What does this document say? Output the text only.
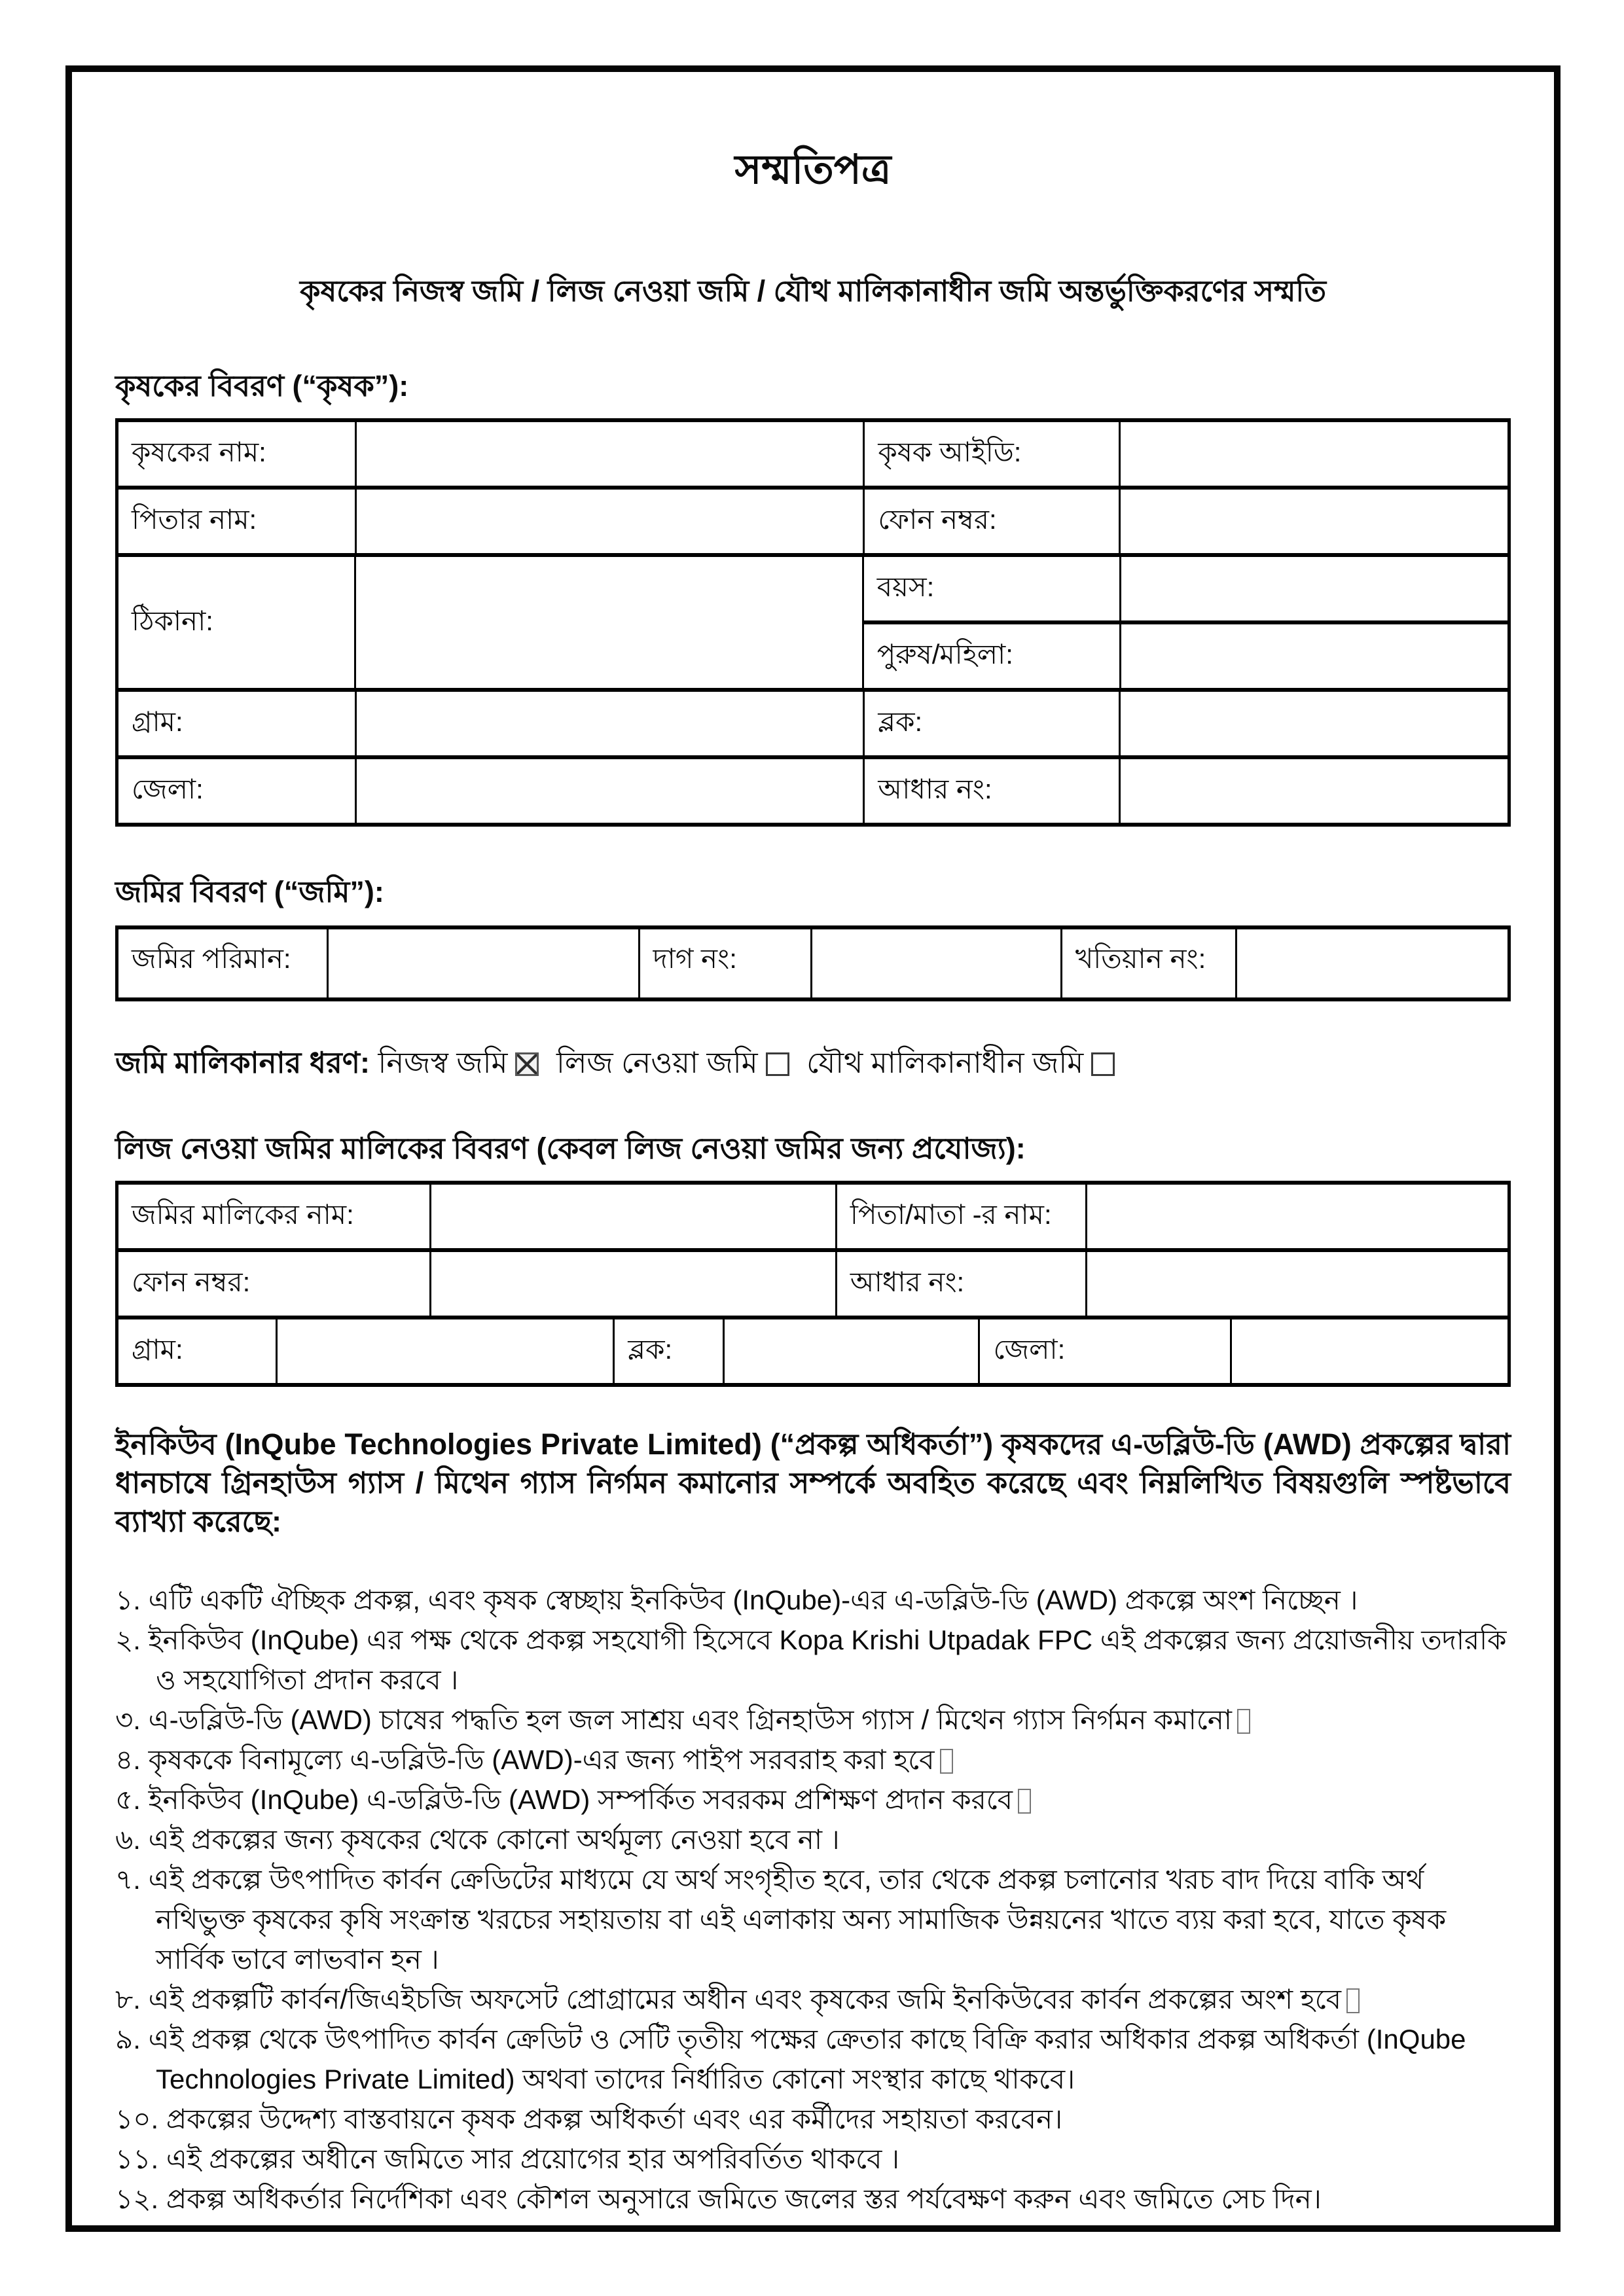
সম্মতিপত্র
কৃষকের নিজস্ব জমি / লিজ নেওয়া জমি / যৌথ মালিকানাধীন জমি অন্তর্ভুক্তিকরণের সম্মতি
কৃষকের বিবরণ (“কৃষক”):
কৃষকের নাম:	কৃষক আইডি:
পিতার নাম:	ফোন নম্বর:
ঠিকানা:
বয়স:
পুরুষ/মহিলা:
গ্রাম:	ব্লক:
জেলা:	আধার নং:
জমির বিবরণ (“জমি”):
জমির পরিমান:	দাগ নং:	খতিয়ান নং:
জমি মালিকানার ধরণ: নিজস্ব জমি লিজ নেওয়া জমি যৌথ মালিকানাধীন জমি
লিজ নেওয়া জমির মালিকের বিবরণ (কেবল লিজ নেওয়া জমির জন্য প্রযোজ্য):
জমির মালিকের নাম:	পিতা/মাতা -র নাম:
ফোন নম্বর:	আধার নং:
গ্রাম:	ব্লক:	জেলা:
ইনকিউব (InQube Technologies Private Limited) (“প্রকল্প অধিকর্তা”) কৃষকদের এ-ডব্লিউ-ডি (AWD) প্রকল্পের দ্বারা ধানচাষে গ্রিনহাউস গ্যাস / মিথেন গ্যাস নির্গমন কমানোর সম্পর্কে অবহিত করেছে এবং নিম্নলিখিত বিষয়গুলি স্পষ্টভাবে ব্যাখ্যা করেছে:
১. এটি একটি ঐচ্ছিক প্রকল্প, এবং কৃষক স্বেচ্ছায় ইনকিউব (InQube)-এর এ-ডব্লিউ-ডি (AWD) প্রকল্পে অংশ নিচ্ছেন ।
২. ইনকিউব (InQube) এর পক্ষ থেকে প্রকল্প সহযোগী হিসেবে Kopa Krishi Utpadak FPC এই প্রকল্পের জন্য প্রয়োজনীয় তদারকি ও সহযোগিতা প্রদান করবে ।
৩. এ-ডব্লিউ-ডি (AWD) চাষের পদ্ধতি হল জল সাশ্রয় এবং গ্রিনহাউস গ্যাস / মিথেন গ্যাস নির্গমন কমানো
৪. কৃষককে বিনামূল্যে এ-ডব্লিউ-ডি (AWD)-এর জন্য পাইপ সরবরাহ করা হবে
৫. ইনকিউব (InQube) এ-ডব্লিউ-ডি (AWD) সম্পর্কিত সবরকম প্রশিক্ষণ প্রদান করবে
৬. এই প্রকল্পের জন্য কৃষকের থেকে কোনো অর্থমূল্য নেওয়া হবে না ।
৭. এই প্রকল্পে উৎপাদিত কার্বন ক্রেডিটের মাধ্যমে যে অর্থ সংগৃহীত হবে, তার থেকে প্রকল্প চলানোর খরচ বাদ দিয়ে বাকি অর্থ নথিভুক্ত কৃষকের কৃষি সংক্রান্ত খরচের সহায়তায় বা এই এলাকায় অন্য সামাজিক উন্নয়নের খাতে ব্যয় করা হবে, যাতে কৃষক সার্বিক ভাবে লাভবান হন ।
৮. এই প্রকল্পটি কার্বন/জিএইচজি অফসেট প্রোগ্রামের অধীন এবং কৃষকের জমি ইনকিউবের কার্বন প্রকল্পের অংশ হবে
৯. এই প্রকল্প থেকে উৎপাদিত কার্বন ক্রেডিট ও সেটি তৃতীয় পক্ষের ক্রেতার কাছে বিক্রি করার অধিকার প্রকল্প অধিকর্তা (InQube Technologies Private Limited) অথবা তাদের নির্ধারিত কোনো সংস্থার কাছে থাকবে।
১০. প্রকল্পের উদ্দেশ্য বাস্তবায়নে কৃষক প্রকল্প অধিকর্তা এবং এর কর্মীদের সহায়তা করবেন।
১১. এই প্রকল্পের অধীনে জমিতে সার প্রয়োগের হার অপরিবর্তিত থাকবে ।
১২. প্রকল্প অধিকর্তার নির্দেশিকা এবং কৌশল অনুসারে জমিতে জলের স্তর পর্যবেক্ষণ করুন এবং জমিতে সেচ দিন।
